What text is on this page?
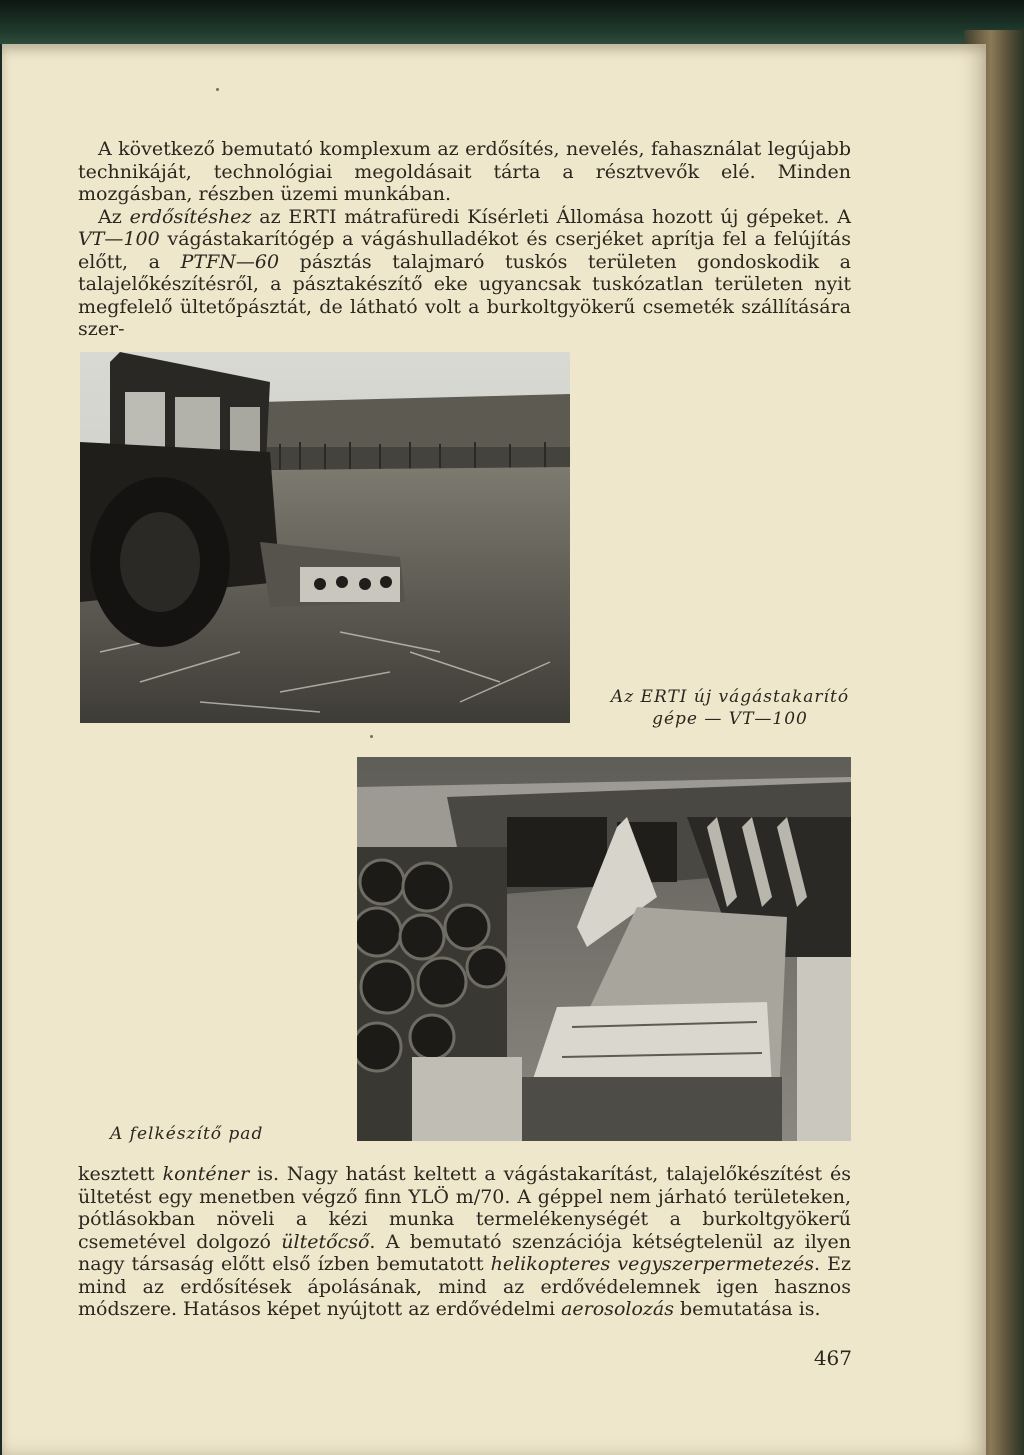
A következő bemutató komplexum az erdősítés, nevelés, fahasználat legújabb technikáját, technológiai megoldásait tárta a résztvevők elé. Minden mozgásban, részben üzemi munkában.

Az erdősítéshez az ERTI mátrafüredi Kísérleti Állomása hozott új gépeket. A VT—100 vágástakarítógép a vágáshulladékot és cserjéket aprítja fel a felújítás előtt, a PTFN—60 pásztás talajmaró tuskós területen gondoskodik a talajelőkészítésről, a pásztakészítő eke ugyancsak tuskózatlan területen nyit megfelelő ültetőpásztát, de látható volt a burkoltgyökerű csemeték szállítására szer-

Az ERTI új vágástakarító gépe — VT—100
A felkészítő pad

kesztett konténer is. Nagy hatást keltett a vágástakarítást, talajelőkészítést és ültetést egy menetben végző finn YLÖ m/70. A géppel nem járható területeken, pótlásokban növeli a kézi munka termelékenységét a burkoltgyökerű csemetével dolgozó ültetőcső. A bemutató szenzációja kétségtelenül az ilyen nagy társaság előtt első ízben bemutatott helikopteres vegyszerpermetezés. Ez mind az erdősítések ápolásának, mind az erdővédelemnek igen hasznos módszere. Hatásos képet nyújtott az erdővédelmi aerosolozás bemutatása is.

467
